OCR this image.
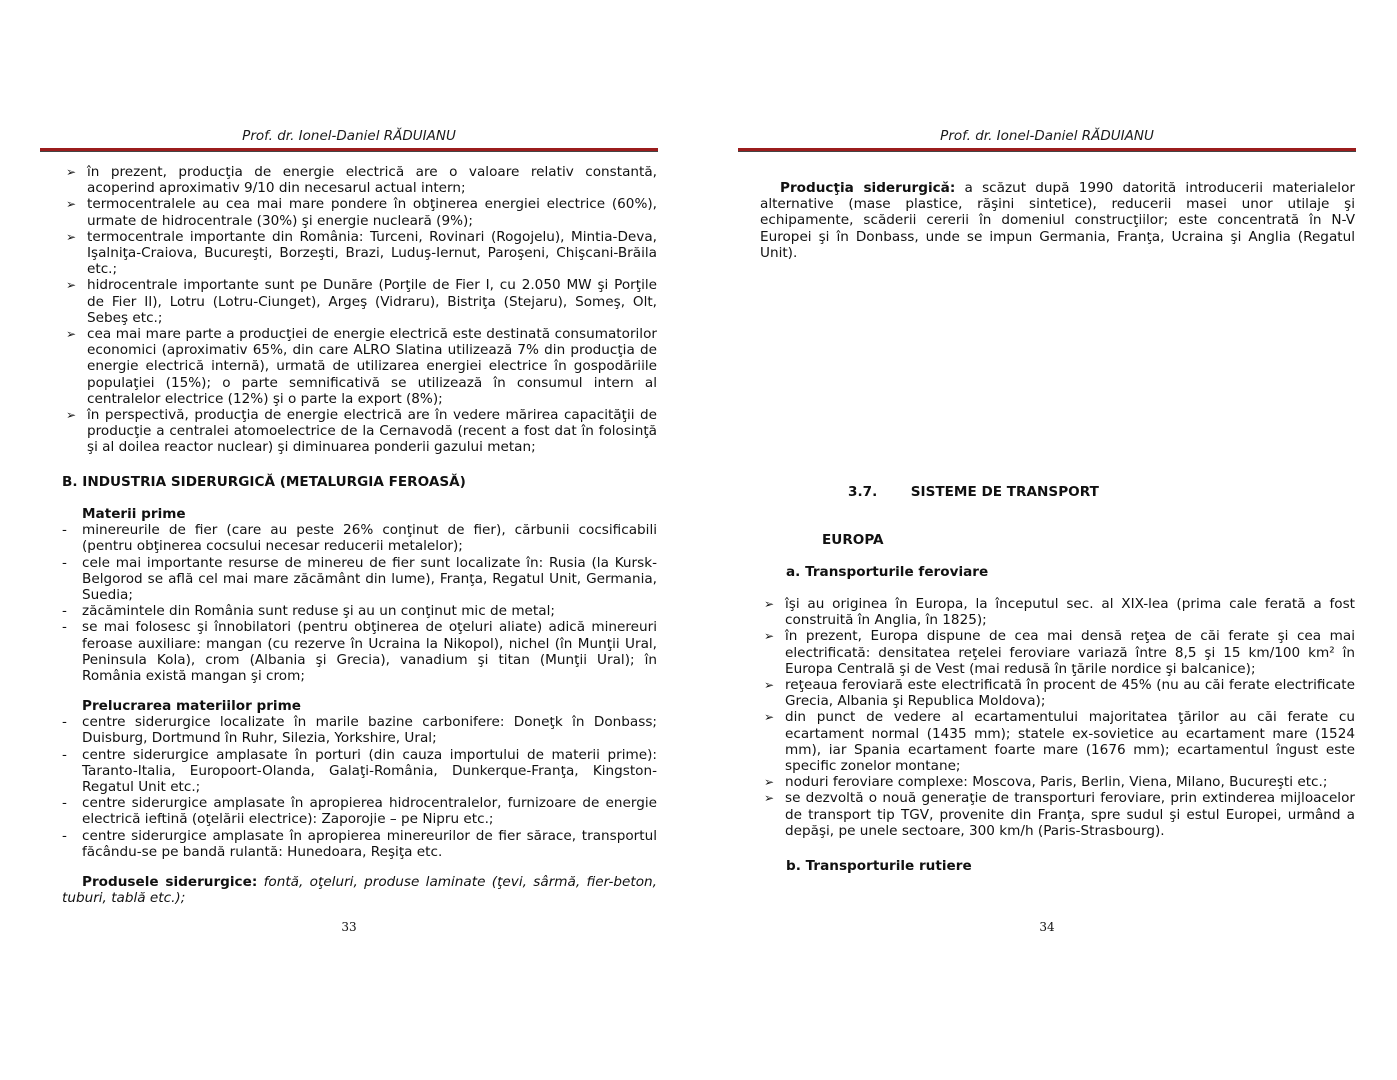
Prof. dr. Ionel-Daniel RĂDUIANU
➢ în prezent, producţia de energie electrică are o valoare relativ constantă, acoperind aproximativ 9/10 din necesarul actual intern;
➢ termocentralele au cea mai mare pondere în obţinerea energiei electrice (60%), urmate de hidrocentrale (30%) şi energie nucleară (9%);
➢ termocentrale importante din România: Turceni, Rovinari (Rogojelu), Mintia-Deva, Işalniţa-Craiova, Bucureşti, Borzeşti, Brazi, Luduş-Iernut, Paroşeni, Chişcani-Brăila etc.;
➢ hidrocentrale importante sunt pe Dunăre (Porţile de Fier I, cu 2.050 MW şi Porţile de Fier II), Lotru (Lotru-Ciunget), Argeş (Vidraru), Bistriţa (Stejaru), Someş, Olt, Sebeş etc.;
➢ cea mai mare parte a producţiei de energie electrică este destinată consumatorilor economici (aproximativ 65%, din care ALRO Slatina utilizează 7% din producţia de energie electrică internă), urmată de utilizarea energiei electrice în gospodăriile populaţiei (15%); o parte semnificativă se utilizează în consumul intern al centralelor electrice (12%) şi o parte la export (8%);
➢ în perspectivă, producţia de energie electrică are în vedere mărirea capacităţii de producţie a centralei atomoelectrice de la Cernavodă (recent a fost dat în folosinţă şi al doilea reactor nuclear) şi diminuarea ponderii gazului metan;
B. INDUSTRIA SIDERURGICĂ (METALURGIA FEROASĂ)
Materii prime
- minereurile de fier (care au peste 26% conţinut de fier), cărbunii cocsificabili (pentru obţinerea cocsului necesar reducerii metalelor);
- cele mai importante resurse de minereu de fier sunt localizate în: Rusia (la Kursk-Belgorod se află cel mai mare zăcământ din lume), Franţa, Regatul Unit, Germania, Suedia;
- zăcămintele din România sunt reduse şi au un conţinut mic de metal;
- se mai folosesc şi înnobilatori (pentru obţinerea de oţeluri aliate) adică minereuri feroase auxiliare: mangan (cu rezerve în Ucraina la Nikopol), nichel (în Munţii Ural, Peninsula Kola), crom (Albania şi Grecia), vanadium şi titan (Munţii Ural); în România există mangan şi crom;
Prelucrarea materiilor prime
- centre siderurgice localizate în marile bazine carbonifere: Doneţk în Donbass; Duisburg, Dortmund în Ruhr, Silezia, Yorkshire, Ural;
- centre siderurgice amplasate în porturi (din cauza importului de materii prime): Taranto-Italia, Europoort-Olanda, Galaţi-România, Dunkerque-Franţa, Kingston-Regatul Unit etc.;
- centre siderurgice amplasate în apropierea hidrocentralelor, furnizoare de energie electrică ieftină (oţelării electrice): Zaporojie – pe Nipru etc.;
- centre siderurgice amplasate în apropierea minereurilor de fier sărace, transportul făcându-se pe bandă rulantă: Hunedoara, Reşiţa etc.
Produsele siderurgice: fontă, oţeluri, produse laminate (ţevi, sârmă, fier-beton, tuburi, tablă etc.);
33
Prof. dr. Ionel-Daniel RĂDUIANU
Producţia siderurgică: a scăzut după 1990 datorită introducerii materialelor alternative (mase plastice, răşini sintetice), reducerii masei unor utilaje şi echipamente, scăderii cererii în domeniul construcţiilor; este concentrată în N-V Europei şi în Donbass, unde se impun Germania, Franţa, Ucraina şi Anglia (Regatul Unit).
3.7. SISTEME DE TRANSPORT
EUROPA
a. Transporturile feroviare
➢ îşi au originea în Europa, la începutul sec. al XIX-lea (prima cale ferată a fost construită în Anglia, în 1825);
➢ în prezent, Europa dispune de cea mai densă reţea de căi ferate şi cea mai electrificată: densitatea reţelei feroviare variază între 8,5 şi 15 km/100 km² în Europa Centrală şi de Vest (mai redusă în ţările nordice şi balcanice);
➢ reţeaua feroviară este electrificată în procent de 45% (nu au căi ferate electrificate Grecia, Albania şi Republica Moldova);
➢ din punct de vedere al ecartamentului majoritatea ţărilor au căi ferate cu ecartament normal (1435 mm); statele ex-sovietice au ecartament mare (1524 mm), iar Spania ecartament foarte mare (1676 mm); ecartamentul îngust este specific zonelor montane;
➢ noduri feroviare complexe: Moscova, Paris, Berlin, Viena, Milano, Bucureşti etc.;
➢ se dezvoltă o nouă generaţie de transporturi feroviare, prin extinderea mijloacelor de transport tip TGV, provenite din Franţa, spre sudul şi estul Europei, urmând a depăşi, pe unele sectoare, 300 km/h (Paris-Strasbourg).
b. Transporturile rutiere
34
